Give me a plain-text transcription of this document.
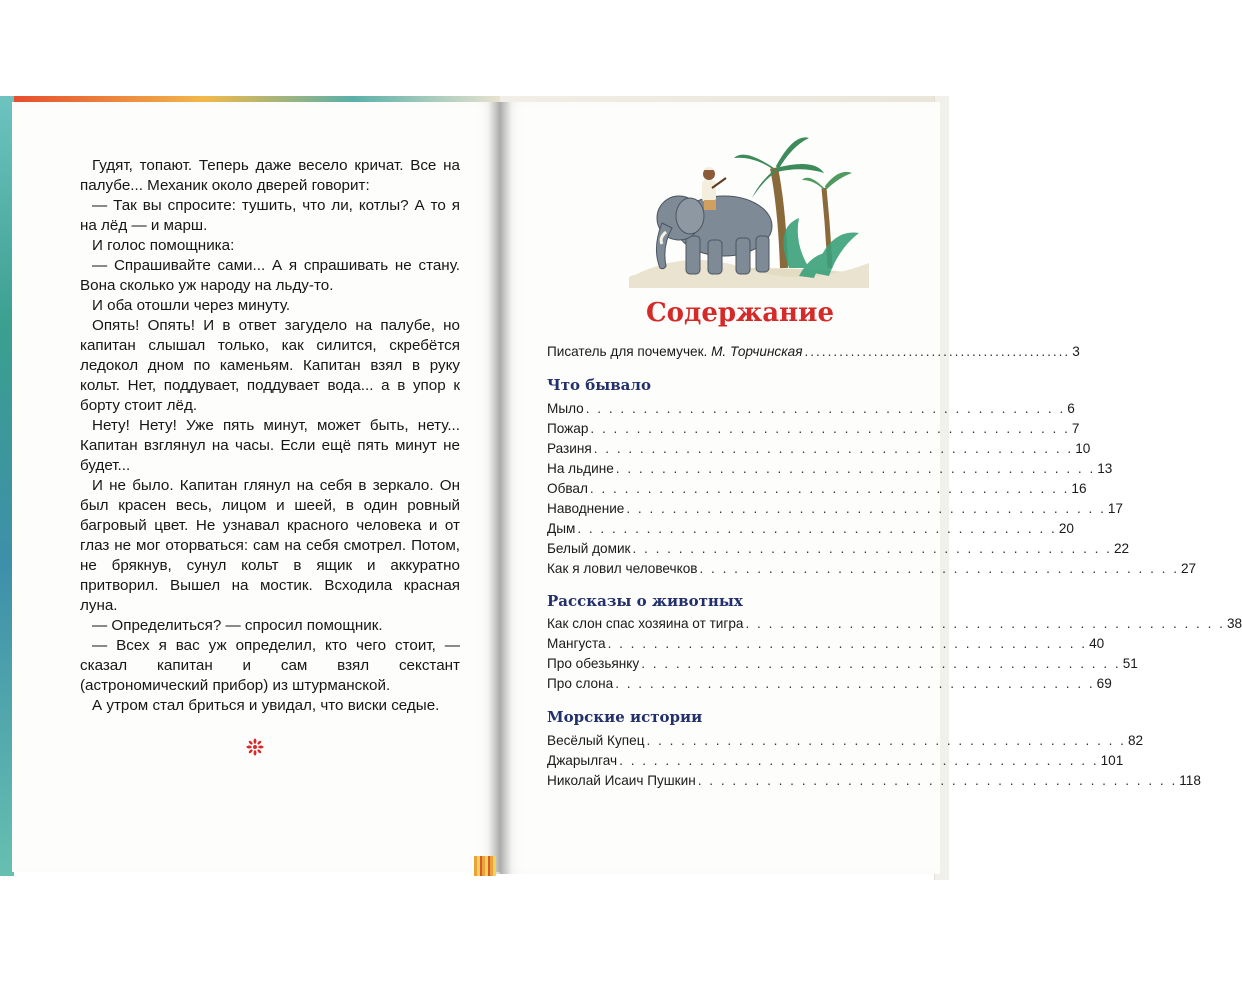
Гудят, топают. Теперь даже весело кричат. Все на палубе... Механик около дверей говорит:

— Так вы спросите: тушить, что ли, котлы? А то я на лёд — и марш.

И голос помощника:

— Спрашивайте сами... А я спрашивать не стану. Вона сколько уж народу на льду-то.

И оба отошли через минуту.

Опять! Опять! И в ответ загудело на палубе, но капитан слышал только, как силится, скребётся ледокол дном по каменьям. Капитан взял в руку кольт. Нет, поддувает, поддувает вода... а в упор к борту стоит лёд.

Нету! Нету! Уже пять минут, может быть, нету... Капитан взглянул на часы. Если ещё пять минут не будет...

И не было. Капитан глянул на себя в зеркало. Он был красен весь, лицом и шеей, в один ровный багровый цвет. Не узнавал красного человека и от глаз не мог оторваться: сам на себя смотрел. Потом, не брякнув, сунул кольт в ящик и аккуратно притворил. Вышел на мостик. Всходила красная луна.

— Определиться? — спросил помощник.

— Всех я вас уж определил, кто чего стоит, — сказал капитан и сам взял секстант (астрономический прибор) из штурманской.

А утром стал бриться и увидал, что виски седые.

Содержание
Писатель для почемучек. М. Торчинская .............................................. 3
Что бывало
Мыло . . . . . . . . . . . . . . . . . . . . . . . . . . . . . . . . . . . . . . . . . . 6
Пожар . . . . . . . . . . . . . . . . . . . . . . . . . . . . . . . . . . . . . . . . . . 7
Разиня . . . . . . . . . . . . . . . . . . . . . . . . . . . . . . . . . . . . . . . . . . 10
На льдине . . . . . . . . . . . . . . . . . . . . . . . . . . . . . . . . . . . . . . . . . . 13
Обвал . . . . . . . . . . . . . . . . . . . . . . . . . . . . . . . . . . . . . . . . . . 16
Наводнение . . . . . . . . . . . . . . . . . . . . . . . . . . . . . . . . . . . . . . . . . . 17
Дым . . . . . . . . . . . . . . . . . . . . . . . . . . . . . . . . . . . . . . . . . . 20
Белый домик . . . . . . . . . . . . . . . . . . . . . . . . . . . . . . . . . . . . . . . . . . 22
Как я ловил человечков . . . . . . . . . . . . . . . . . . . . . . . . . . . . . . . . . . . . . . . . . . 27
Рассказы о животных
Как слон спас хозяина от тигра . . . . . . . . . . . . . . . . . . . . . . . . . . . . . . . . . . . . . . . . . . 38
Мангуста . . . . . . . . . . . . . . . . . . . . . . . . . . . . . . . . . . . . . . . . . . 40
Про обезьянку . . . . . . . . . . . . . . . . . . . . . . . . . . . . . . . . . . . . . . . . . . 51
Про слона . . . . . . . . . . . . . . . . . . . . . . . . . . . . . . . . . . . . . . . . . . 69
Морские истории
Весёлый Купец . . . . . . . . . . . . . . . . . . . . . . . . . . . . . . . . . . . . . . . . . . 82
Джарылгач . . . . . . . . . . . . . . . . . . . . . . . . . . . . . . . . . . . . . . . . . . 101
Николай Исаич Пушкин . . . . . . . . . . . . . . . . . . . . . . . . . . . . . . . . . . . . . . . . . . 118
